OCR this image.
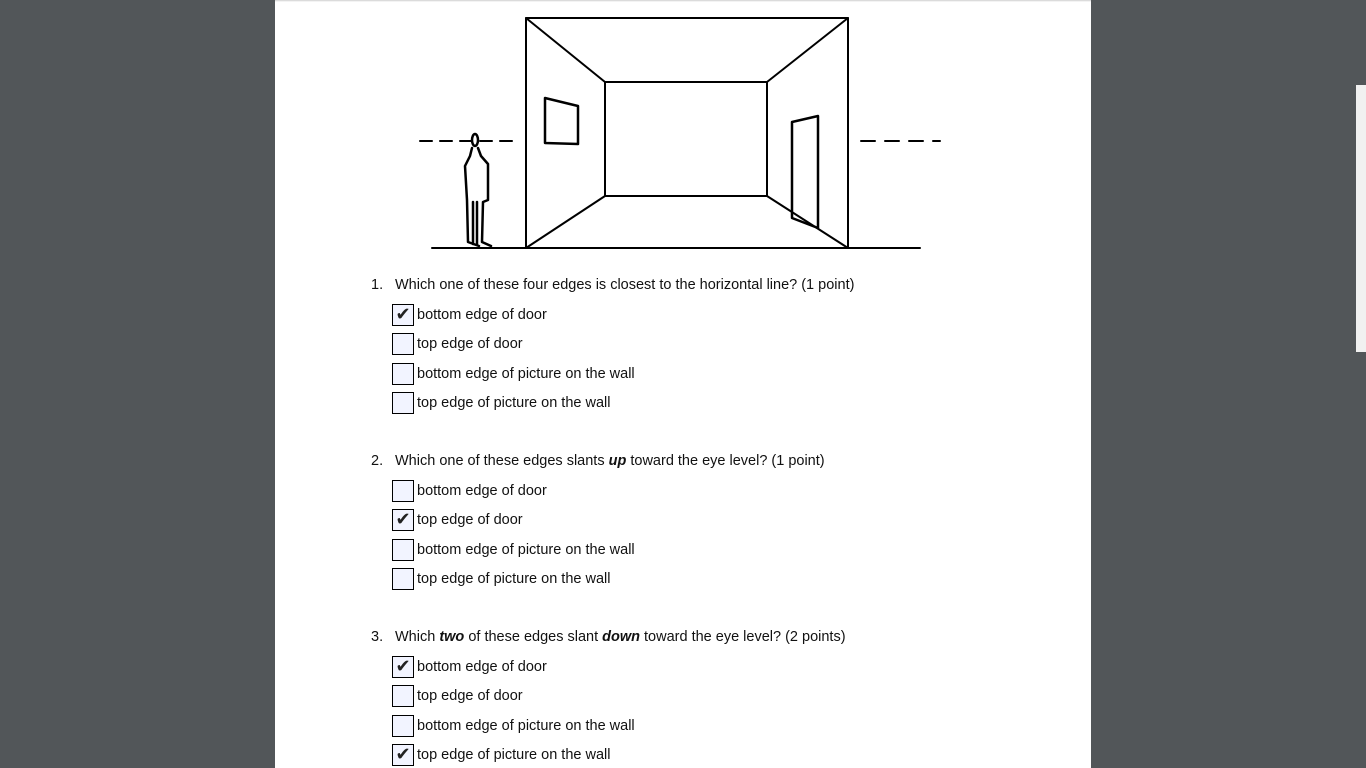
1. Which one of these four edges is closest to the horizontal line? (1 point)
✔ bottom edge of door
top edge of door
bottom edge of picture on the wall
top edge of picture on the wall
2. Which one of these edges slants up toward the eye level? (1 point)
bottom edge of door
✔ top edge of door
bottom edge of picture on the wall
top edge of picture on the wall
3. Which two of these edges slant down toward the eye level? (2 points)
✔ bottom edge of door
top edge of door
bottom edge of picture on the wall
✔ top edge of picture on the wall
